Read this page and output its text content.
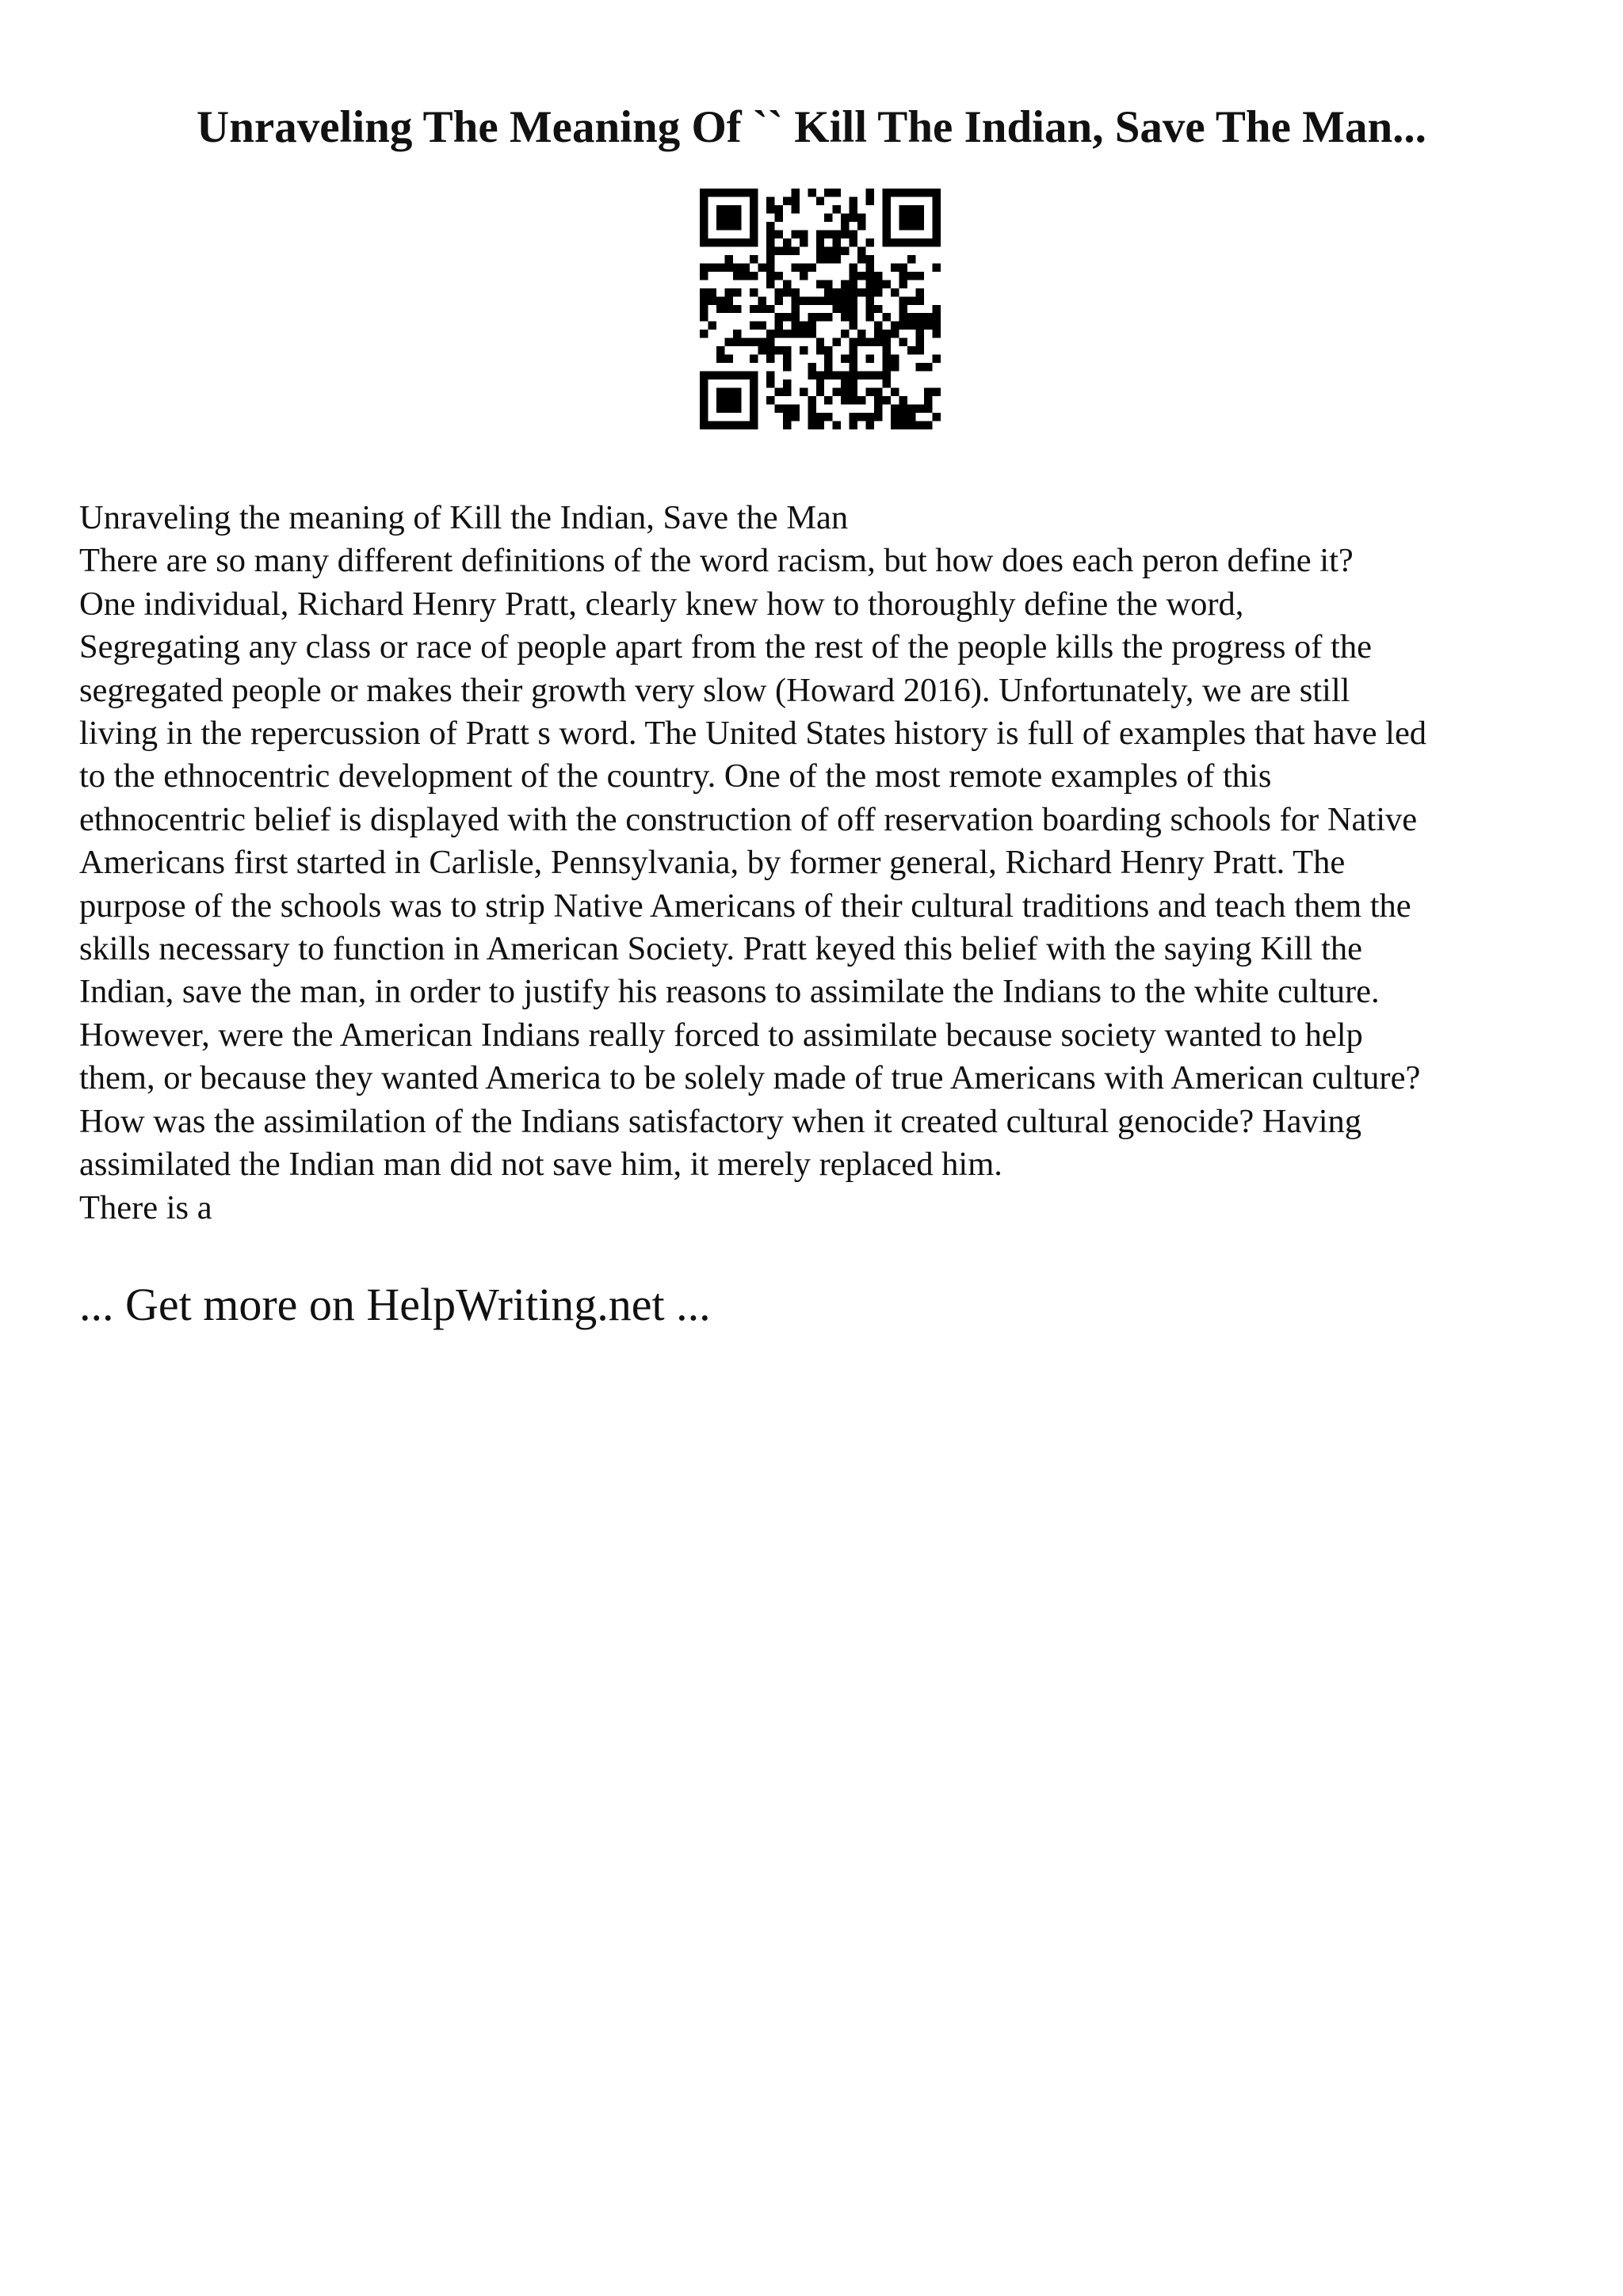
Unraveling The Meaning Of `` Kill The Indian, Save The Man...
Unraveling the meaning of Kill the Indian, Save the Man
There are so many different definitions of the word racism, but how does each peron define it?
One individual, Richard Henry Pratt, clearly knew how to thoroughly define the word,
Segregating any class or race of people apart from the rest of the people kills the progress of the
segregated people or makes their growth very slow (Howard 2016). Unfortunately, we are still
living in the repercussion of Pratt s word. The United States history is full of examples that have led
to the ethnocentric development of the country. One of the most remote examples of this
ethnocentric belief is displayed with the construction of off reservation boarding schools for Native
Americans first started in Carlisle, Pennsylvania, by former general, Richard Henry Pratt. The
purpose of the schools was to strip Native Americans of their cultural traditions and teach them the
skills necessary to function in American Society. Pratt keyed this belief with the saying Kill the
Indian, save the man, in order to justify his reasons to assimilate the Indians to the white culture.
However, were the American Indians really forced to assimilate because society wanted to help
them, or because they wanted America to be solely made of true Americans with American culture?
How was the assimilation of the Indians satisfactory when it created cultural genocide? Having
assimilated the Indian man did not save him, it merely replaced him.
There is a
... Get more on HelpWriting.net ...
